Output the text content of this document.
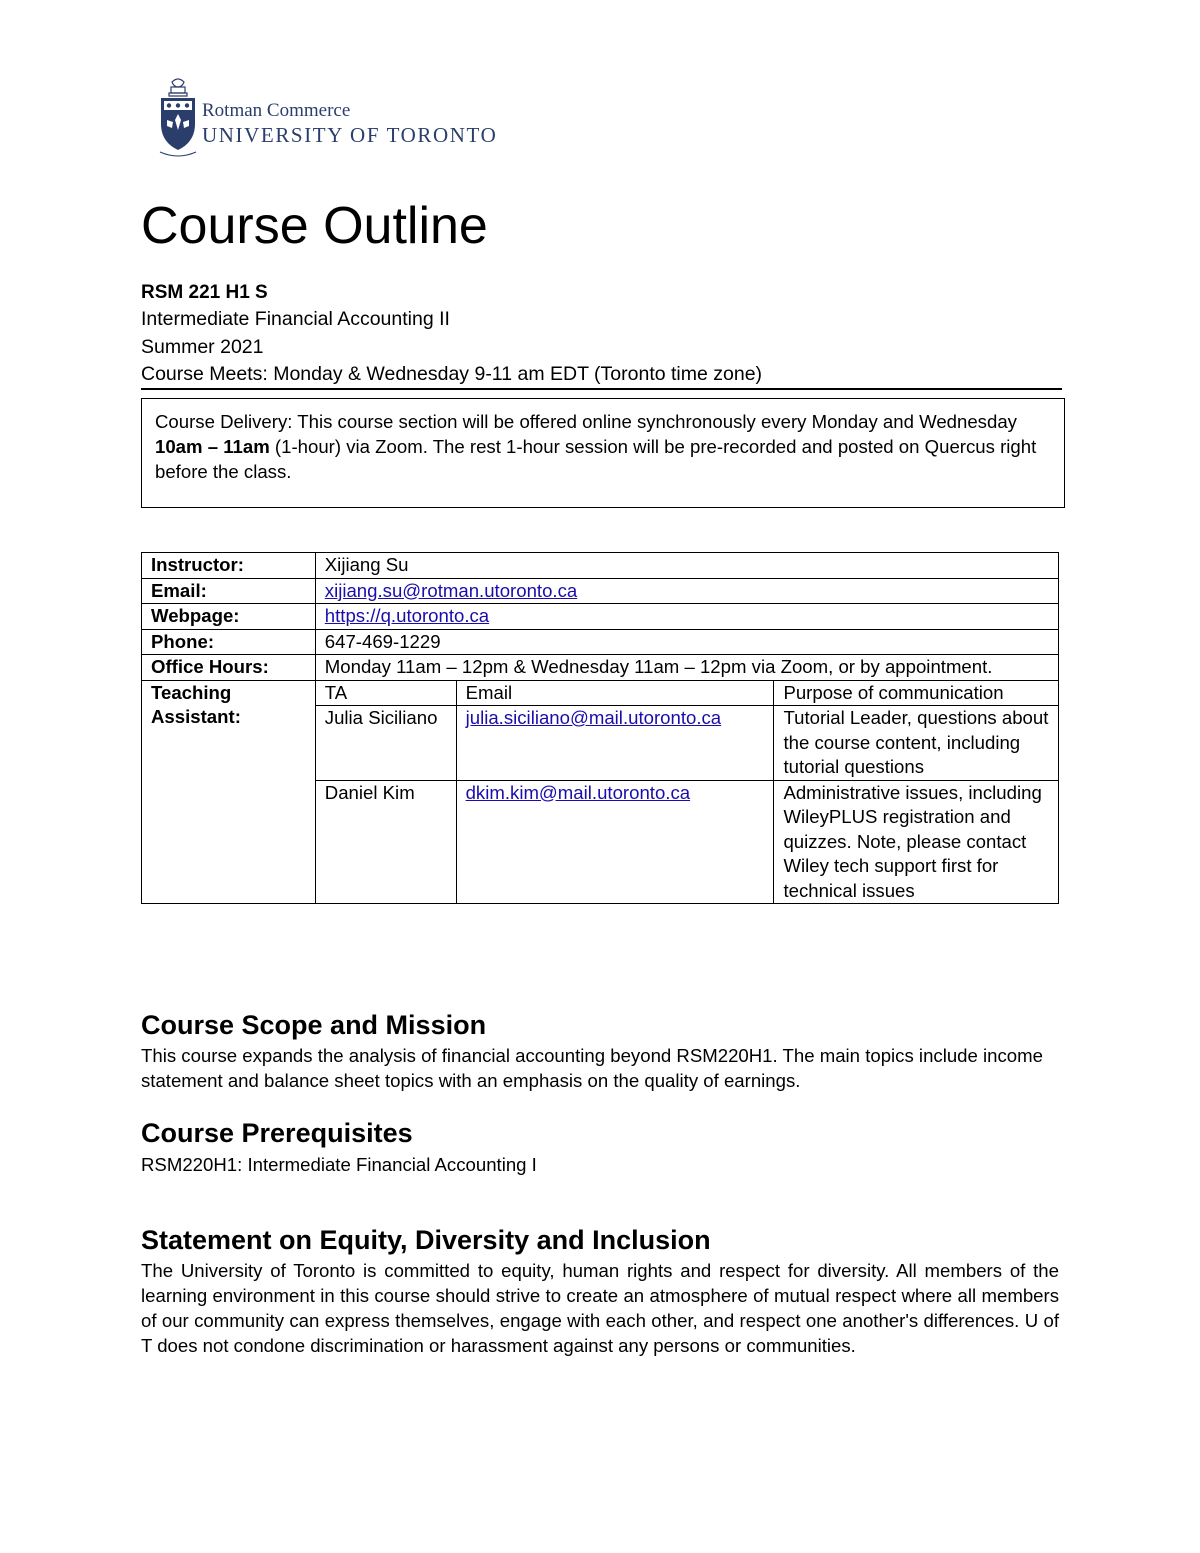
Rotman Commerce
UNIVERSITY OF TORONTO
Course Outline
RSM 221 H1 S
Intermediate Financial Accounting II
Summer 2021
Course Meets: Monday & Wednesday 9-11 am EDT (Toronto time zone)
Course Delivery: This course section will be offered online synchronously every Monday and Wednesday 10am – 11am (1-hour) via Zoom. The rest 1-hour session will be pre-recorded and posted on Quercus right before the class.
Instructor:	Xijiang Su		
Email:	xijiang.su@rotman.utoronto.ca		
Webpage:	https://q.utoronto.ca		
Phone:	647-469-1229		
Office Hours:	Monday 11am – 12pm & Wednesday 11am – 12pm via Zoom, or by appointment.		
Teaching Assistant:	TA	Email	Purpose of communication
	Julia Siciliano	julia.siciliano@mail.utoronto.ca	Tutorial Leader, questions about the course content, including tutorial questions
	Daniel Kim	dkim.kim@mail.utoronto.ca	Administrative issues, including WileyPLUS registration and quizzes. Note, please contact Wiley tech support first for technical issues
Course Scope and Mission

This course expands the analysis of financial accounting beyond RSM220H1. The main topics include income statement and balance sheet topics with an emphasis on the quality of earnings.

Course Prerequisites

RSM220H1: Intermediate Financial Accounting I

Statement on Equity, Diversity and Inclusion

The University of Toronto is committed to equity, human rights and respect for diversity. All members of the learning environment in this course should strive to create an atmosphere of mutual respect where all members of our community can express themselves, engage with each other, and respect one another's differences. U of T does not condone discrimination or harassment against any persons or communities.
